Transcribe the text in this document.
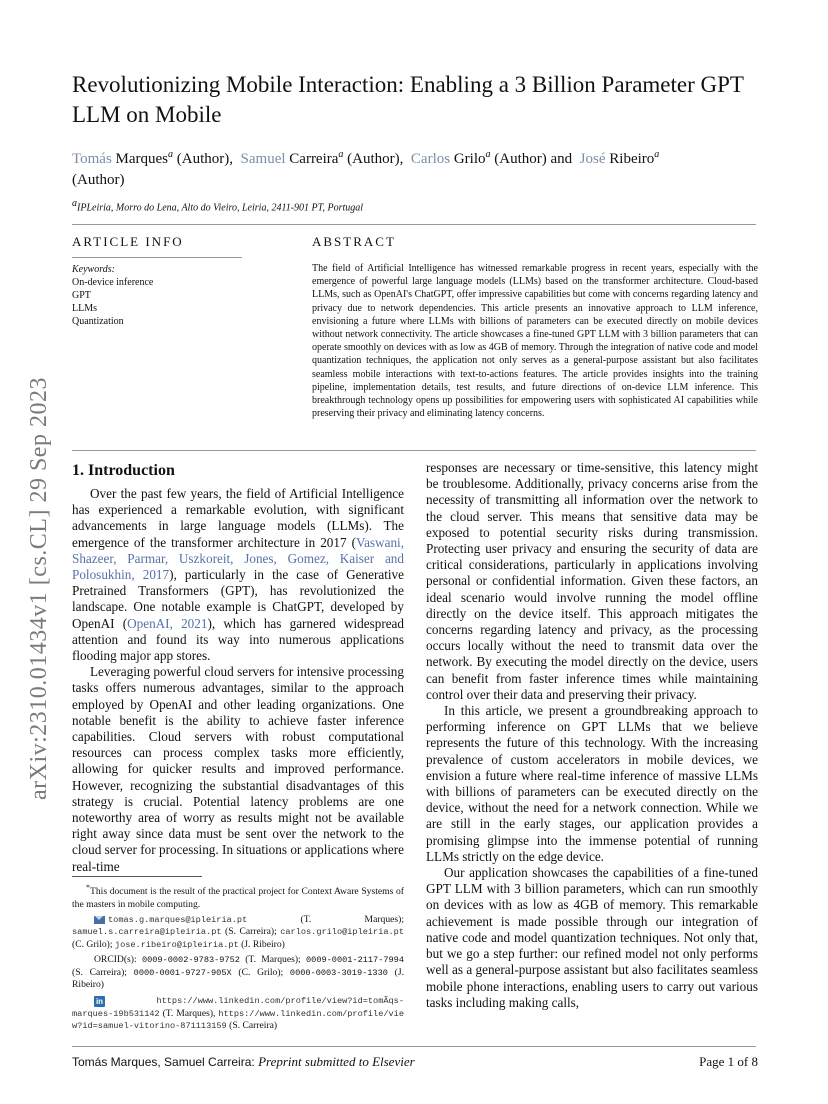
arXiv:2310.01434v1 [cs.CL] 29 Sep 2023
Revolutionizing Mobile Interaction: Enabling a 3 Billion Parameter GPT LLM on Mobile
Tomás Marques$^a$ (Author), Samuel Carreira$^a$ (Author), Carlos Grilo$^a$ (Author) and José Ribeiro$^a$
(Author)
aIPLeiria, Morro do Lena, Alto do Vieiro, Leiria, 2411-901 PT, Portugal
ARTICLE INFO
Keywords:
On-device inference
GPT
LLMs
Quantization
ABSTRACT
The field of Artificial Intelligence has witnessed remarkable progress in recent years, especially with the emergence of powerful large language models (LLMs) based on the transformer architecture. Cloud-based LLMs, such as OpenAI's ChatGPT, offer impressive capabilities but come with concerns regarding latency and privacy due to network dependencies. This article presents an innovative approach to LLM inference, envisioning a future where LLMs with billions of parameters can be executed directly on mobile devices without network connectivity. The article showcases a fine-tuned GPT LLM with 3 billion parameters that can operate smoothly on devices with as low as 4GB of memory. Through the integration of native code and model quantization techniques, the application not only serves as a general-purpose assistant but also facilitates seamless mobile interactions with text-to-actions features. The article provides insights into the training pipeline, implementation details, test results, and future directions of on-device LLM inference. This breakthrough technology opens up possibilities for empowering users with sophisticated AI capabilities while preserving their privacy and eliminating latency concerns.
1. Introduction

Over the past few years, the field of Artificial Intelligence has experienced a remarkable evolution, with significant advancements in large language models (LLMs). The emergence of the transformer architecture in 2017 (Vaswani, Shazeer, Parmar, Uszkoreit, Jones, Gomez, Kaiser and Polosukhin, 2017), particularly in the case of Generative Pretrained Transformers (GPT), has revolutionized the landscape. One notable example is ChatGPT, developed by OpenAI (OpenAI, 2021), which has garnered widespread attention and found its way into numerous applications flooding major app stores.

Leveraging powerful cloud servers for intensive processing tasks offers numerous advantages, similar to the approach employed by OpenAI and other leading organizations. One notable benefit is the ability to achieve faster inference capabilities. Cloud servers with robust computational resources can process complex tasks more efficiently, allowing for quicker results and improved performance. However, recognizing the substantial disadvantages of this strategy is crucial. Potential latency problems are one noteworthy area of worry as results might not be available right away since data must be sent over the network to the cloud server for processing. In situations or applications where real-time

*This document is the result of the practical project for Context Aware Systems of the masters in mobile computing.
tomas.g.marques@ipleiria.pt	(T. Marques); samuel.s.carreira@ipleiria.pt (S. Carreira); carlos.grilo@ipleiria.pt (C. Grilo); jose.ribeiro@ipleiria.pt (J. Ribeiro)
ORCID(s): 0009-0002-9783-9752 (T. Marques); 0009-0001-2117-7994 (S. Carreira); 0000-0001-9727-905X (C. Grilo); 0000-0003-3019-1330 (J. Ribeiro)
in	https://www.linkedin.com/profile/view?id=tomÃqs-marques-19b531142 (T. Marques), https://www.linkedin.com/profile/view?id=samuel-vitorino-871113159 (S. Carreira)

responses are necessary or time-sensitive, this latency might be troublesome. Additionally, privacy concerns arise from the necessity of transmitting all information over the network to the cloud server. This means that sensitive data may be exposed to potential security risks during transmission. Protecting user privacy and ensuring the security of data are critical considerations, particularly in applications involving personal or confidential information. Given these factors, an ideal scenario would involve running the model offline directly on the device itself. This approach mitigates the concerns regarding latency and privacy, as the processing occurs locally without the need to transmit data over the network. By executing the model directly on the device, users can benefit from faster inference times while maintaining control over their data and preserving their privacy.

In this article, we present a groundbreaking approach to performing inference on GPT LLMs that we believe represents the future of this technology. With the increasing prevalence of custom accelerators in mobile devices, we envision a future where real-time inference of massive LLMs with billions of parameters can be executed directly on the device, without the need for a network connection. While we are still in the early stages, our application provides a promising glimpse into the immense potential of running LLMs strictly on the edge device.

Our application showcases the capabilities of a fine-tuned GPT LLM with 3 billion parameters, which can run smoothly on devices with as low as 4GB of memory. This remarkable achievement is made possible through our integration of native code and model quantization techniques. Not only that, but we go a step further: our refined model not only performs well as a general-purpose assistant but also facilitates seamless mobile phone interactions, enabling users to carry out various tasks including making calls,

Tomás Marques, Samuel Carreira: Preprint submitted to Elsevier	Page 1 of 8
